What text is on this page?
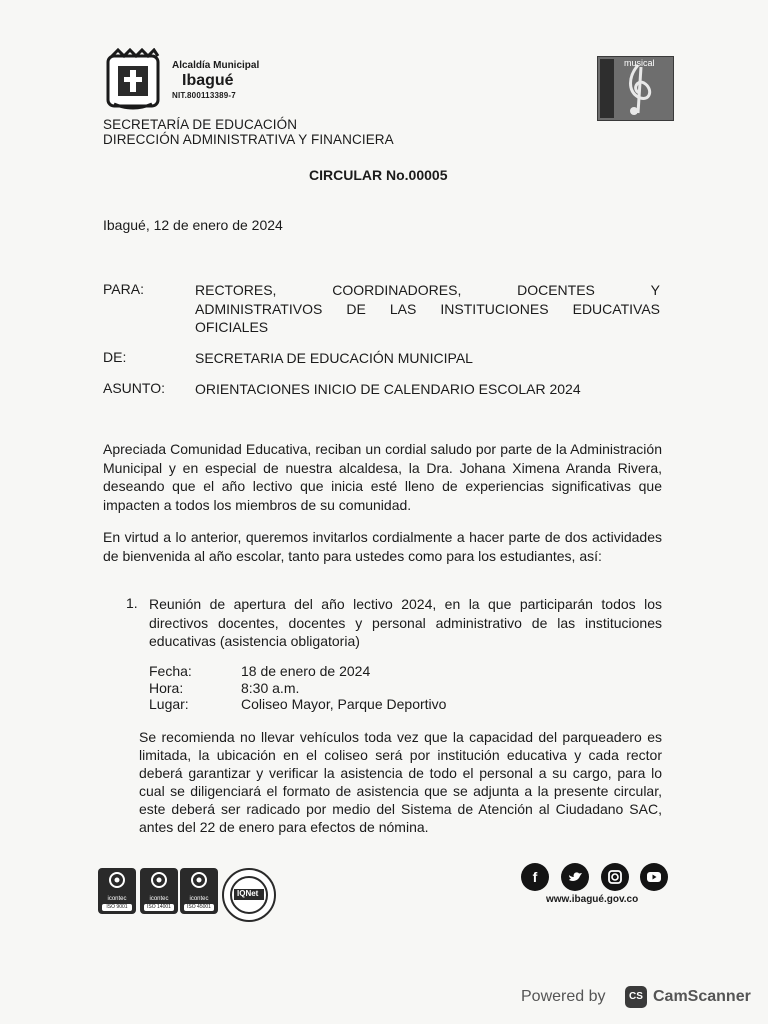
Alcaldía Municipal
Ibagué
NIT.800113389-7
musical
SECRETARÍA DE EDUCACIÓN
DIRECCIÓN ADMINISTRATIVA Y FINANCIERA
CIRCULAR No.00005
Ibagué, 12 de enero de 2024
PARA:	RECTORES,	COORDINADORES,	DOCENTES	Y
ADMINISTRATIVOS DE LAS INSTITUCIONES EDUCATIVAS
OFICIALES
DE:	SECRETARIA DE EDUCACIÓN MUNICIPAL
ASUNTO: ORIENTACIONES INICIO DE CALENDARIO ESCOLAR 2024
Apreciada Comunidad Educativa, reciban un cordial saludo por parte de la Administración Municipal y en especial de nuestra alcaldesa, la Dra. Johana Ximena Aranda Rivera, deseando que el año lectivo que inicia esté lleno de experiencias significativas que impacten a todos los miembros de su comunidad.
En virtud a lo anterior, queremos invitarlos cordialmente a hacer parte de dos actividades de bienvenida al año escolar, tanto para ustedes como para los estudiantes, así:
1. Reunión de apertura del año lectivo 2024, en la que participarán todos los directivos docentes, docentes y personal administrativo de las instituciones educativas (asistencia obligatoria)
Fecha:	18 de enero de 2024
Hora:	8:30 a.m.
Lugar:	Coliseo Mayor, Parque Deportivo
Se recomienda no llevar vehículos toda vez que la capacidad del parqueadero es limitada, la ubicación en el coliseo será por institución educativa y cada rector deberá garantizar y verificar la asistencia de todo el personal a su cargo, para lo cual se diligenciará el formato de asistencia que se adjunta a la presente circular, este deberá ser radicado por medio del Sistema de Atención al Ciudadano SAC, antes del 22 de enero para efectos de nómina.
icontec
ISO 9001
icontec
ISO 14001
icontec
ISO 45001
IQNet
f
www.ibagué.gov.co
Powered by	CS CamScanner
